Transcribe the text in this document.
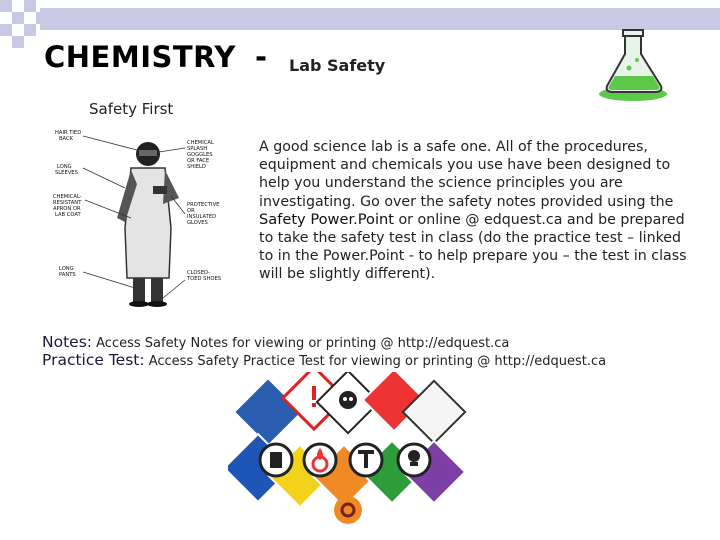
CHEMISTRY - Lab Safety
Safety First
HAIR TIED
BACK
LONG
SLEEVES
CHEMICAL-
RESISTANT
APRON OR
LAB COAT
LONG
PANTS
CHEMICAL
SPLASH
GOGGLES
OR FACE
SHIELD
PROTECTIVE
OR
INSULATED
GLOVES
CLOSED-
TOED SHOES
A good science lab is a safe one. All of the procedures, equipment and chemicals you use have been designed to help you understand the science principles you are investigating. Go over the safety notes provided using the Safety Power.Point or online @ edquest.ca and be prepared to take the safety test in class (do the practice test – linked to in the Power.Point - to help prepare you – the test in class will be slightly different).
Notes: Access Safety Notes for viewing or printing @ http://edquest.ca
Practice Test: Access Safety Practice Test for viewing or printing @ http://edquest.ca
